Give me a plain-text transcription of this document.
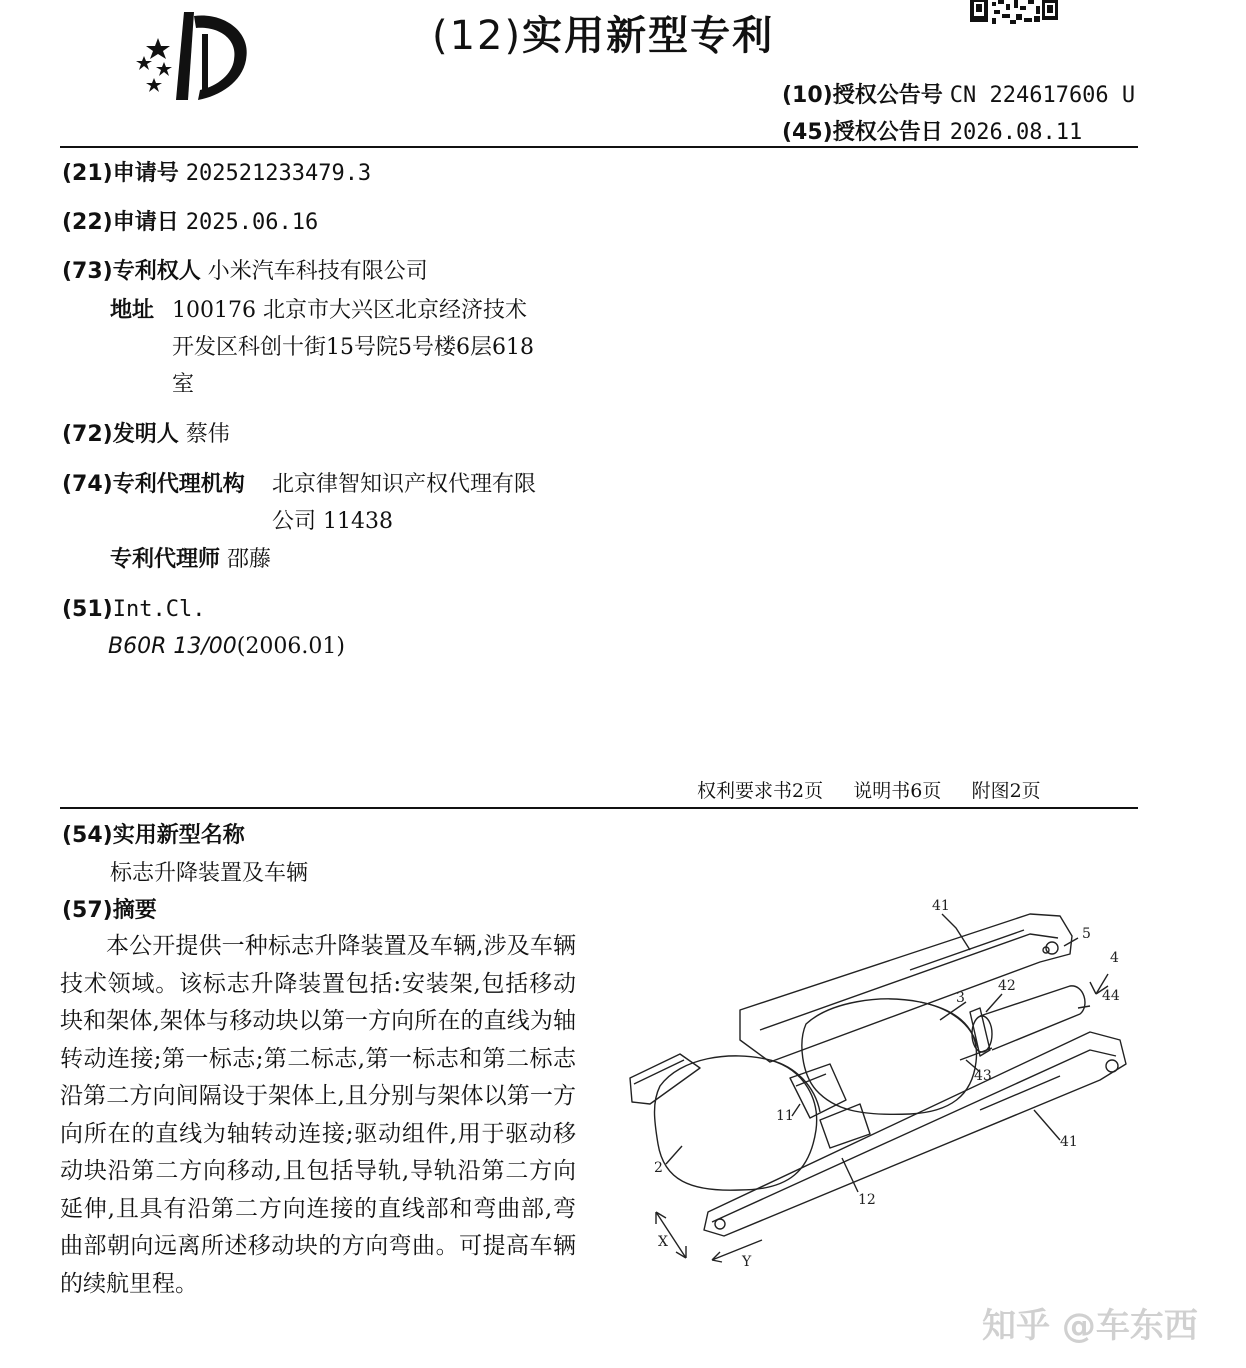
(12)实用新型专利
(10)授权公告号 CN 224617606 U
(45)授权公告日 2026.08.11
(21)申请号 202521233479.3
(22)申请日 2025.06.16
(73)专利权人 小米汽车科技有限公司
地址 100176 北京市大兴区北京经济技术
开发区科创十街15号院5号楼6层618
室
(72)发明人 蔡伟
(74)专利代理机构 北京律智知识产权代理有限
公司 11438
专利代理师 邵藤
(51)Int.Cl.
B60R 13/00(2006.01)
权利要求书2页 说明书6页 附图2页
(54)实用新型名称
标志升降装置及车辆
(57)摘要

本公开提供一种标志升降装置及车辆,涉及车辆技术领域。该标志升降装置包括:安装架,包括移动块和架体,架体与移动块以第一方向所在的直线为轴转动连接;第一标志;第二标志,第一标志和第二标志沿第二方向间隔设于架体上,且分别与架体以第一方向所在的直线为轴转动连接;驱动组件,用于驱动移动块沿第二方向移动,且包括导轨,导轨沿第二方向延伸,且具有沿第二方向连接的直线部和弯曲部,弯曲部朝向远离所述移动块的方向弯曲。可提高车辆的续航里程。

41
5
4
42
44
3
43
11
2
12
41
X
Y
知乎 @车东西
